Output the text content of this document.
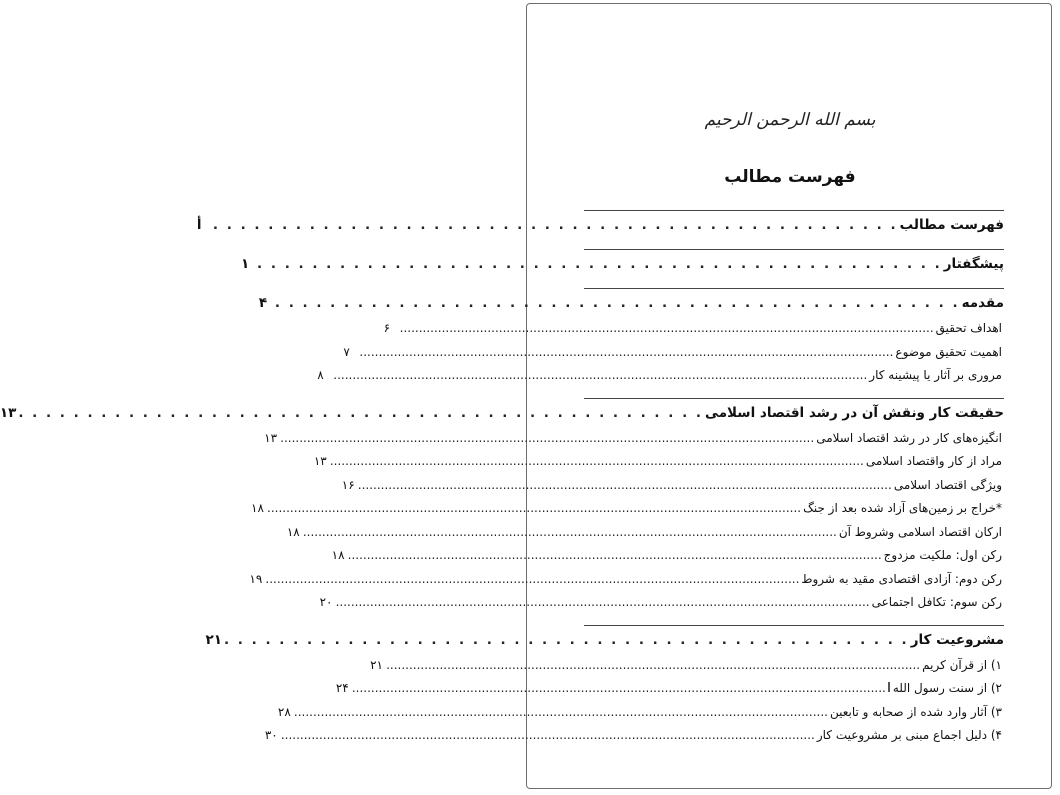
بسم الله الرحمن الرحیم
فهرست مطالب
فهرست مطالب
. . . . . . . . . . . . . . . . . . . . . . . . . . . . . . . . . . . . . . . . . . . . . . . . . .
أ
پیشگفتار
. . . . . . . . . . . . . . . . . . . . . . . . . . . . . . . . . . . . . . . . . . . . . . . . . .
۱
مقدمه
. . . . . . . . . . . . . . . . . . . . . . . . . . . . . . . . . . . . . . . . . . . . . . . . . .
۴
اهداف تحقیق
............................................................................................................................................
۶
اهمیت تحقیق موضوع
............................................................................................................................................
۷
مروری بر آثار یا پیشینه کار
............................................................................................................................................
۸
حقیقت کار ونقش آن در رشد اقتصاد اسلامی
. . . . . . . . . . . . . . . . . . . . . . . . . . . . . . . . . . . . . . . . . . . . . . . . . .
۱۳
انگیزه‌های کار در رشد اقتصاد اسلامی
............................................................................................................................................
۱۳
مراد از کار واقتصاد اسلامی
............................................................................................................................................
۱۳
ویژگی اقتصاد اسلامی
............................................................................................................................................
۱۶
*خراج بر زمین‌های آزاد شده بعد از جنگ
............................................................................................................................................
۱۸
ارکان اقتصاد اسلامی وشروط آن
............................................................................................................................................
۱۸
رکن اول: ملکیت مزدوج
............................................................................................................................................
۱۸
رکن دوم: آزادی اقتصادی مقید به شروط
............................................................................................................................................
۱۹
رکن سوم: تکافل اجتماعی
............................................................................................................................................
۲۰
مشروعیت کار
. . . . . . . . . . . . . . . . . . . . . . . . . . . . . . . . . . . . . . . . . . . . . . . . . .
۲۱
۱) از قرآن کریم
............................................................................................................................................
۲۱
۲) از سنت رسول الله
............................................................................................................................................
۲۴
۳) آثار وارد شده از صحابه و تابعین
............................................................................................................................................
۲۸
۴) دلیل اجماع مبنی بر مشروعیت کار
............................................................................................................................................
۳۰
